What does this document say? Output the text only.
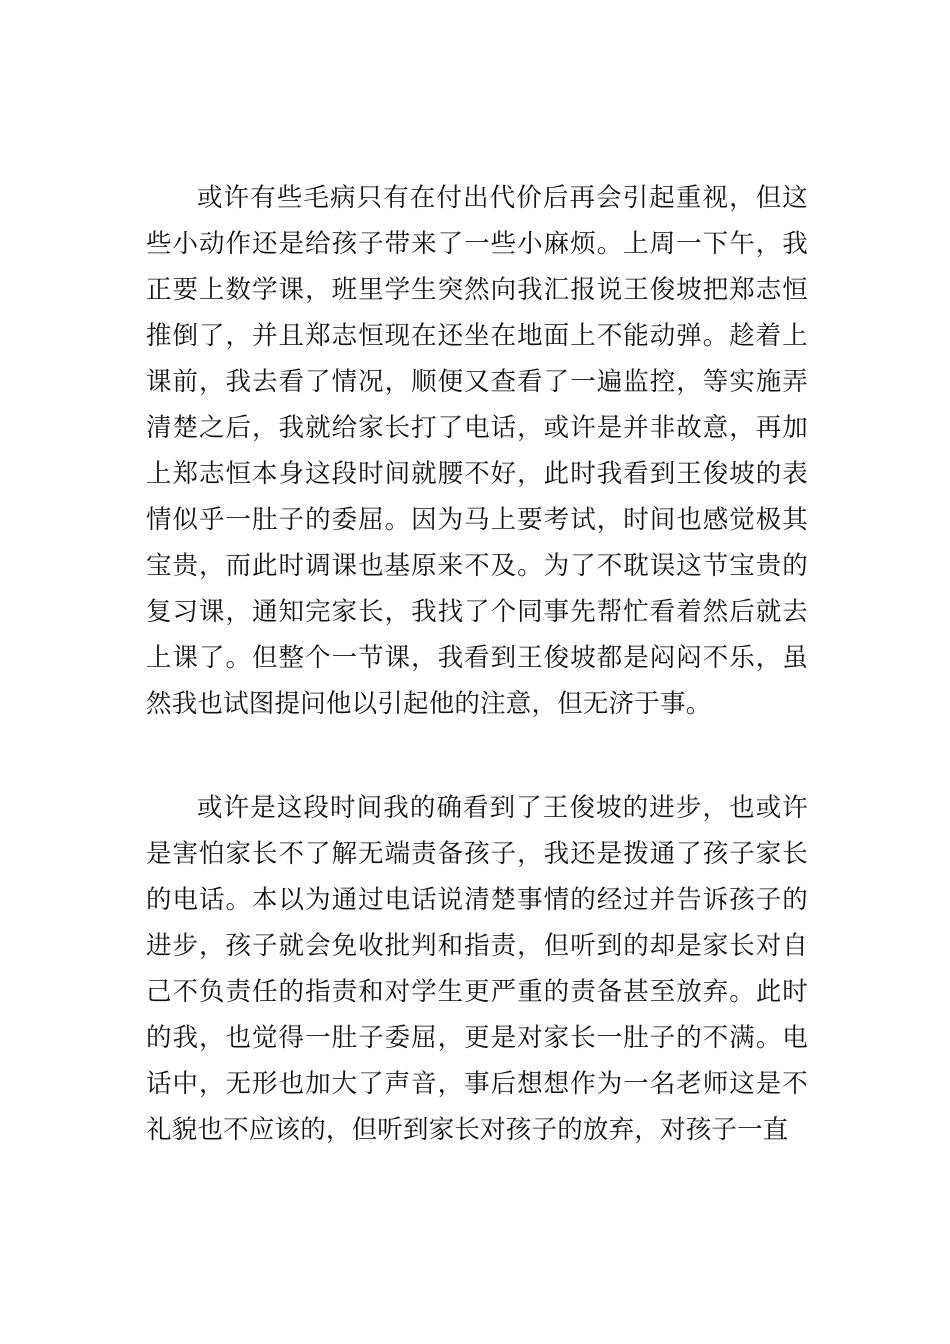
或许有些毛病只有在付出代价后再会引起重视，但这些小动作还是给孩子带来了一些小麻烦。上周一下午，我正要上数学课，班里学生突然向我汇报说王俊坡把郑志恒推倒了，并且郑志恒现在还坐在地面上不能动弹。趁着上课前，我去看了情况，顺便又查看了一遍监控，等实施弄清楚之后，我就给家长打了电话，或许是并非故意，再加上郑志恒本身这段时间就腰不好，此时我看到王俊坡的表情似乎一肚子的委屈。因为马上要考试，时间也感觉极其宝贵，而此时调课也基原来不及。为了不耽误这节宝贵的复习课，通知完家长，我找了个同事先帮忙看着然后就去上课了。但整个一节课，我看到王俊坡都是闷闷不乐，虽然我也试图提问他以引起他的注意，但无济于事。

或许是这段时间我的确看到了王俊坡的进步，也或许是害怕家长不了解无端责备孩子，我还是拨通了孩子家长的电话。本以为通过电话说清楚事情的经过并告诉孩子的进步，孩子就会免收批判和指责，但听到的却是家长对自己不负责任的指责和对学生更严重的责备甚至放弃。此时的我，也觉得一肚子委屈，更是对家长一肚子的不满。电话中，无形也加大了声音，事后想想作为一名老师这是不礼貌也不应该的，但听到家长对孩子的放弃，对孩子一直
